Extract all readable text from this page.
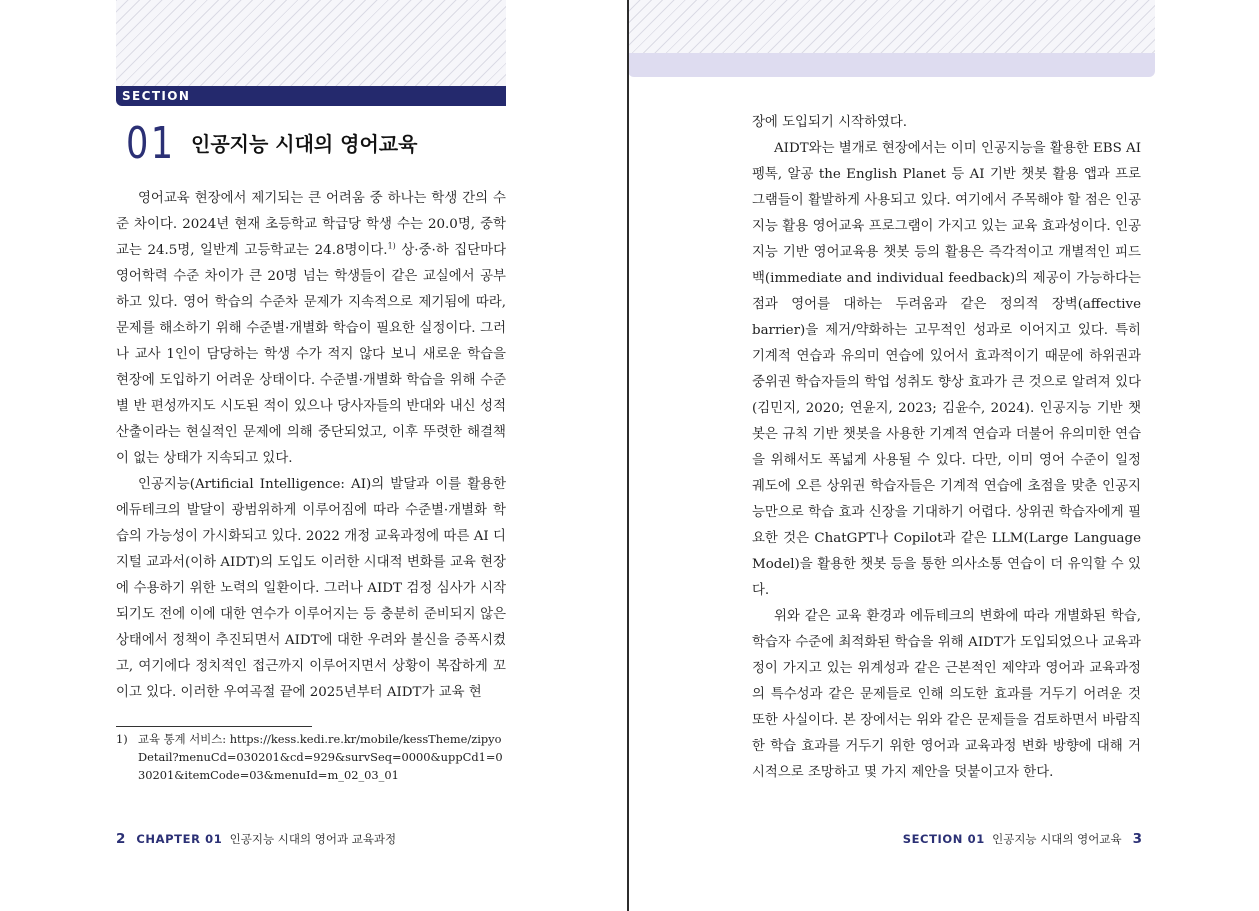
SECTION
01 인공지능 시대의 영어교육

영어교육 현장에서 제기되는 큰 어려움 중 하나는 학생 간의 수준 차이다. 2024년 현재 초등학교 학급당 학생 수는 20.0명, 중학교는 24.5명, 일반계 고등학교는 24.8명이다.$^{1)}$ 상·중·하 집단마다 영어학력 수준 차이가 큰 20명 넘는 학생들이 같은 교실에서 공부하고 있다. 영어 학습의 수준차 문제가 지속적으로 제기됨에 따라, 문제를 해소하기 위해 수준별·개별화 학습이 필요한 실정이다. 그러나 교사 1인이 담당하는 학생 수가 적지 않다 보니 새로운 학습을 현장에 도입하기 어려운 상태이다. 수준별·개별화 학습을 위해 수준별 반 편성까지도 시도된 적이 있으나 당사자들의 반대와 내신 성적 산출이라는 현실적인 문제에 의해 중단되었고, 이후 뚜렷한 해결책이 없는 상태가 지속되고 있다.

인공지능(Artificial Intelligence: AI)의 발달과 이를 활용한 에듀테크의 발달이 광범위하게 이루어짐에 따라 수준별·개별화 학습의 가능성이 가시화되고 있다. 2022 개정 교육과정에 따른 AI 디지털 교과서(이하 AIDT)의 도입도 이러한 시대적 변화를 교육 현장에 수용하기 위한 노력의 일환이다. 그러나 AIDT 검정 심사가 시작되기도 전에 이에 대한 연수가 이루어지는 등 충분히 준비되지 않은 상태에서 정책이 추진되면서 AIDT에 대한 우려와 불신을 증폭시켰고, 여기에다 정치적인 접근까지 이루어지면서 상황이 복잡하게 꼬이고 있다. 이러한 우여곡절 끝에 2025년부터 AIDT가 교육 현

1) 교육 통계 서비스: https://kess.kedi.re.kr/mobile/kessTheme/zipyoDetail?menuCd=030201&cd=929&survSeq=0000&uppCd1=030201&itemCode=03&menuId=m_02_03_01

장에 도입되기 시작하였다.

AIDT와는 별개로 현장에서는 이미 인공지능을 활용한 EBS AI 펭톡, 알공 the English Planet 등 AI 기반 챗봇 활용 앱과 프로그램들이 활발하게 사용되고 있다. 여기에서 주목해야 할 점은 인공지능 활용 영어교육 프로그램이 가지고 있는 교육 효과성이다. 인공지능 기반 영어교육용 챗봇 등의 활용은 즉각적이고 개별적인 피드백(immediate and individual feedback)의 제공이 가능하다는 점과 영어를 대하는 두려움과 같은 정의적 장벽(affective barrier)을 제거/약화하는 고무적인 성과로 이어지고 있다. 특히 기계적 연습과 유의미 연습에 있어서 효과적이기 때문에 하위권과 중위권 학습자들의 학업 성취도 향상 효과가 큰 것으로 알려져 있다(김민지, 2020; 연윤지, 2023; 김윤수, 2024). 인공지능 기반 챗봇은 규칙 기반 챗봇을 사용한 기계적 연습과 더불어 유의미한 연습을 위해서도 폭넓게 사용될 수 있다. 다만, 이미 영어 수준이 일정 궤도에 오른 상위권 학습자들은 기계적 연습에 초점을 맞춘 인공지능만으로 학습 효과 신장을 기대하기 어렵다. 상위권 학습자에게 필요한 것은 ChatGPT나 Copilot과 같은 LLM(Large Language Model)을 활용한 챗봇 등을 통한 의사소통 연습이 더 유익할 수 있다.

위와 같은 교육 환경과 에듀테크의 변화에 따라 개별화된 학습, 학습자 수준에 최적화된 학습을 위해 AIDT가 도입되었으나 교육과정이 가지고 있는 위계성과 같은 근본적인 제약과 영어과 교육과정의 특수성과 같은 문제들로 인해 의도한 효과를 거두기 어려운 것 또한 사실이다. 본 장에서는 위와 같은 문제들을 검토하면서 바람직한 학습 효과를 거두기 위한 영어과 교육과정 변화 방향에 대해 거시적으로 조망하고 몇 가지 제안을 덧붙이고자 한다.

2 CHAPTER 01 인공지능 시대의 영어과 교육과정	SECTION 01 인공지능 시대의 영어교육 3
